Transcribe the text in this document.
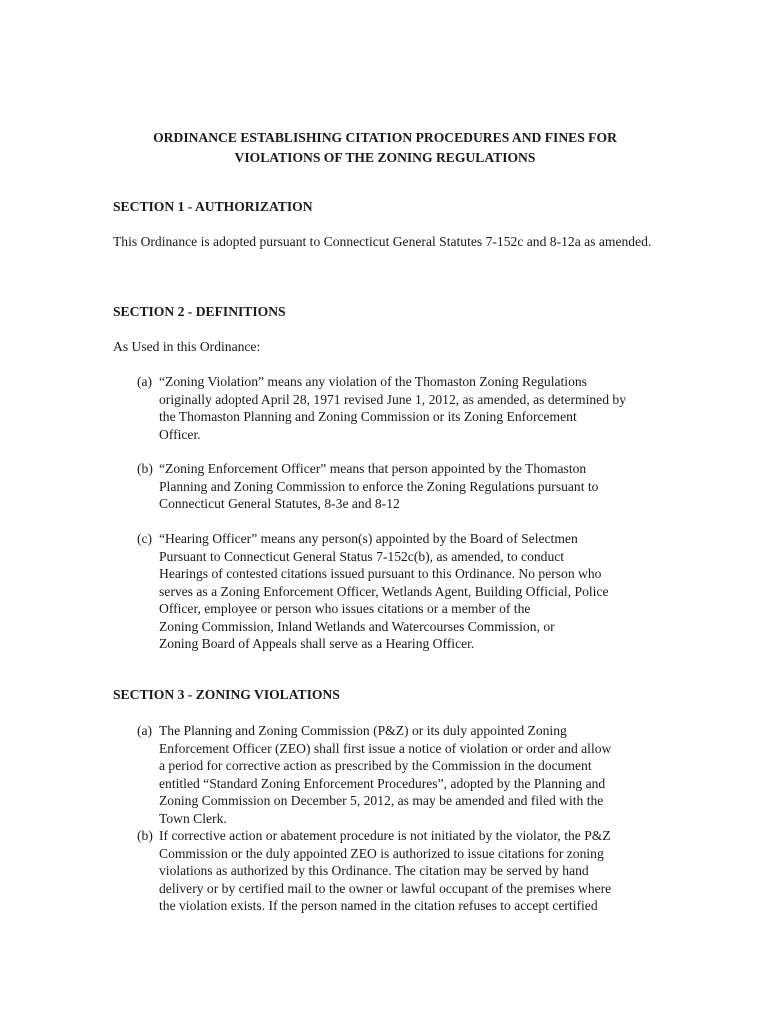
ORDINANCE ESTABLISHING CITATION PROCEDURES AND FINES FOR
VIOLATIONS OF THE ZONING REGULATIONS
SECTION 1 - AUTHORIZATION

This Ordinance is adopted pursuant to Connecticut General Statutes 7-152c and 8-12a as amended.

SECTION 2 - DEFINITIONS

As Used in this Ordinance:

(a) “Zoning Violation” means any violation of the Thomaston Zoning Regulations
originally adopted April 28, 1971 revised June 1, 2012, as amended, as determined by
the Thomaston Planning and Zoning Commission or its Zoning Enforcement
Officer.
(b) “Zoning Enforcement Officer” means that person appointed by the Thomaston
Planning and Zoning Commission to enforce the Zoning Regulations pursuant to
Connecticut General Statutes, 8-3e and 8-12
(c) “Hearing Officer” means any person(s) appointed by the Board of Selectmen
Pursuant to Connecticut General Status 7-152c(b), as amended, to conduct
Hearings of contested citations issued pursuant to this Ordinance. No person who
serves as a Zoning Enforcement Officer, Wetlands Agent, Building Official, Police
Officer, employee or person who issues citations or a member of the
Zoning Commission, Inland Wetlands and Watercourses Commission, or
Zoning Board of Appeals shall serve as a Hearing Officer.
SECTION 3 - ZONING VIOLATIONS
(a) The Planning and Zoning Commission (P&Z) or its duly appointed Zoning
Enforcement Officer (ZEO) shall first issue a notice of violation or order and allow
a period for corrective action as prescribed by the Commission in the document
entitled “Standard Zoning Enforcement Procedures”, adopted by the Planning and
Zoning Commission on December 5, 2012, as may be amended and filed with the
Town Clerk.
(b) If corrective action or abatement procedure is not initiated by the violator, the P&Z
Commission or the duly appointed ZEO is authorized to issue citations for zoning
violations as authorized by this Ordinance. The citation may be served by hand
delivery or by certified mail to the owner or lawful occupant of the premises where
the violation exists. If the person named in the citation refuses to accept certified
